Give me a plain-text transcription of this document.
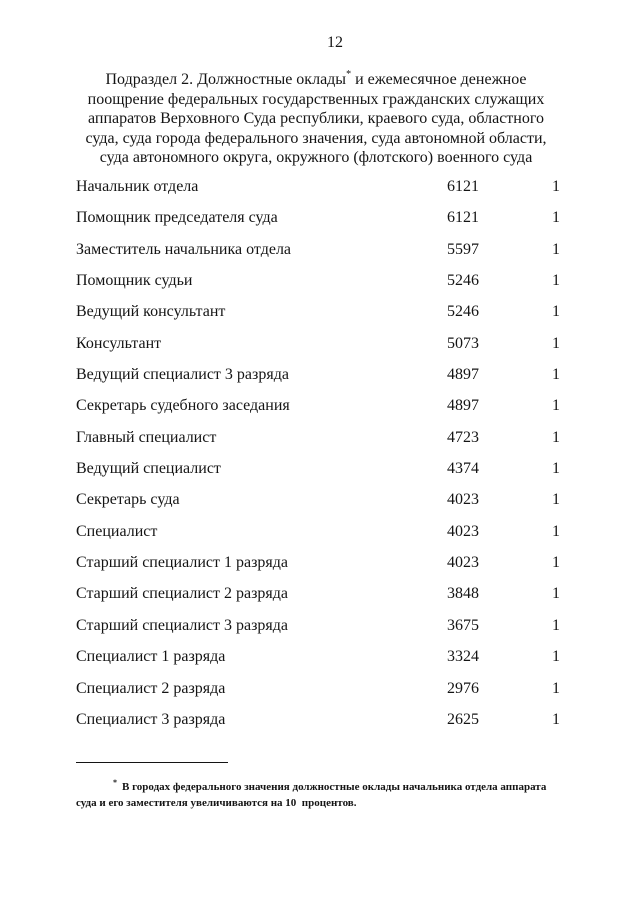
12
Подраздел 2. Должностные оклады* и ежемесячное денежное
поощрение федеральных государственных гражданских служащих
аппаратов Верховного Суда республики, краевого суда, областного
суда, суда города федерального значения, суда автономной области,
суда автономного округа, окружного (флотского) военного суда
Начальник отдела	6121	1
Помощник председателя суда	6121	1
Заместитель начальника отдела	5597	1
Помощник судьи	5246	1
Ведущий консультант	5246	1
Консультант	5073	1
Ведущий специалист 3 разряда	4897	1
Секретарь судебного заседания	4897	1
Главный специалист	4723	1
Ведущий специалист	4374	1
Секретарь суда	4023	1
Специалист	4023	1
Старший специалист 1 разряда	4023	1
Старший специалист 2 разряда	3848	1
Старший специалист 3 разряда	3675	1
Специалист 1 разряда	3324	1
Специалист 2 разряда	2976	1
Специалист 3 разряда	2625	1
* В городах федерального значения должностные оклады начальника отдела аппарата
суда и его заместителя увеличиваются на 10  процентов.
